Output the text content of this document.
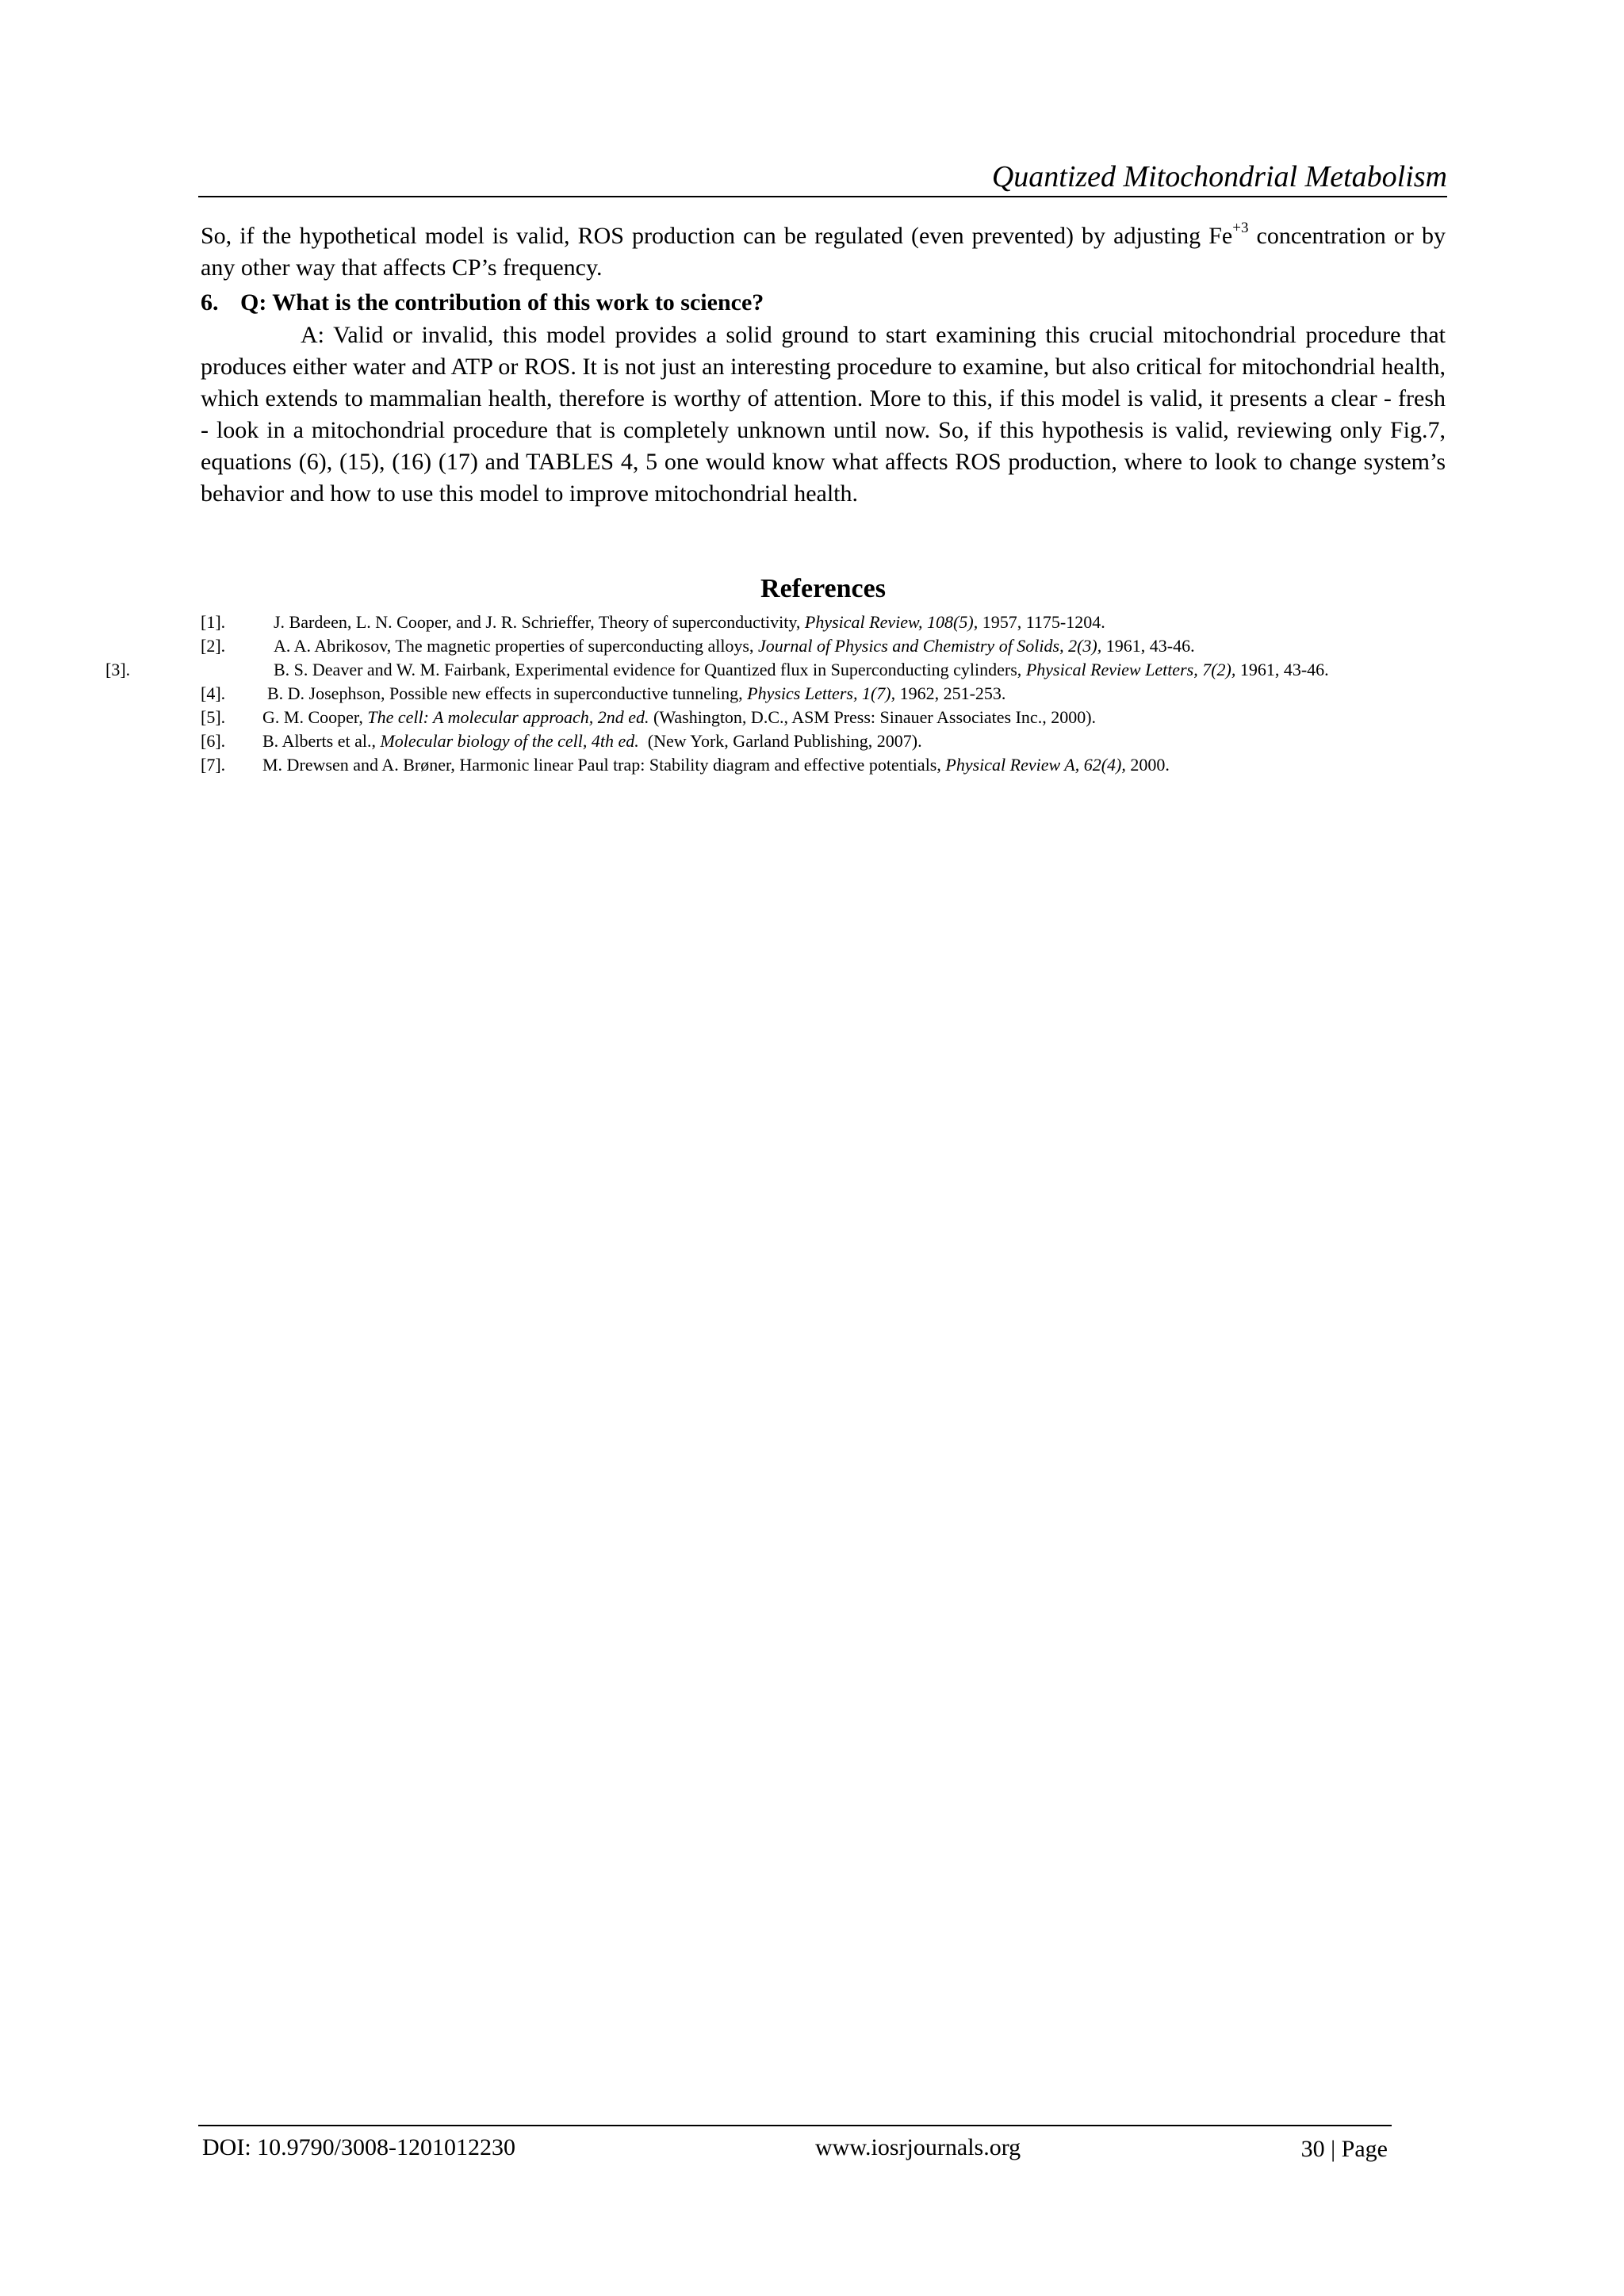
Quantized Mitochondrial Metabolism

So, if the hypothetical model is valid, ROS production can be regulated (even prevented) by adjusting $Fe^{+3}$ concentration or by any other way that affects CP’s frequency.

6. Q: What is the contribution of this work to science?

A: Valid or invalid, this model provides a solid ground to start examining this crucial mitochondrial procedure that produces either water and ATP or ROS. It is not just an interesting procedure to examine, but also critical for mitochondrial health, which extends to mammalian health, therefore is worthy of attention. More to this, if this model is valid, it presents a clear - fresh - look in a mitochondrial procedure that is completely unknown until now. So, if this hypothesis is valid, reviewing only Fig.7, equations (6), (15), (16) (17) and TABLES 4, 5 one would know what affects ROS production, where to look to change system’s behavior and how to use this model to improve mitochondrial health.

References
[1].	J. Bardeen, L. N. Cooper, and J. R. Schrieffer, Theory of superconductivity, Physical Review, 108(5), 1957, 1175-1204.
[2].	A. A. Abrikosov, The magnetic properties of superconducting alloys, Journal of Physics and Chemistry of Solids, 2(3), 1961, 43-46.
[3].	B. S. Deaver and W. M. Fairbank, Experimental evidence for Quantized flux in Superconducting cylinders, Physical Review Letters, 7(2), 1961, 43-46.
[4]. B. D. Josephson, Possible new effects in superconductive tunneling, Physics Letters, 1(7), 1962, 251-253.
[5]. G. M. Cooper, The cell: A molecular approach, 2nd ed. (Washington, D.C., ASM Press: Sinauer Associates Inc., 2000).
[6]. B. Alberts et al., Molecular biology of the cell, 4th ed.  (New York, Garland Publishing, 2007).
[7]. M. Drewsen and A. Brøner, Harmonic linear Paul trap: Stability diagram and effective potentials, Physical Review A, 62(4), 2000.
DOI: 10.9790/3008-1201012230	www.iosrjournals.org	30 | Page
